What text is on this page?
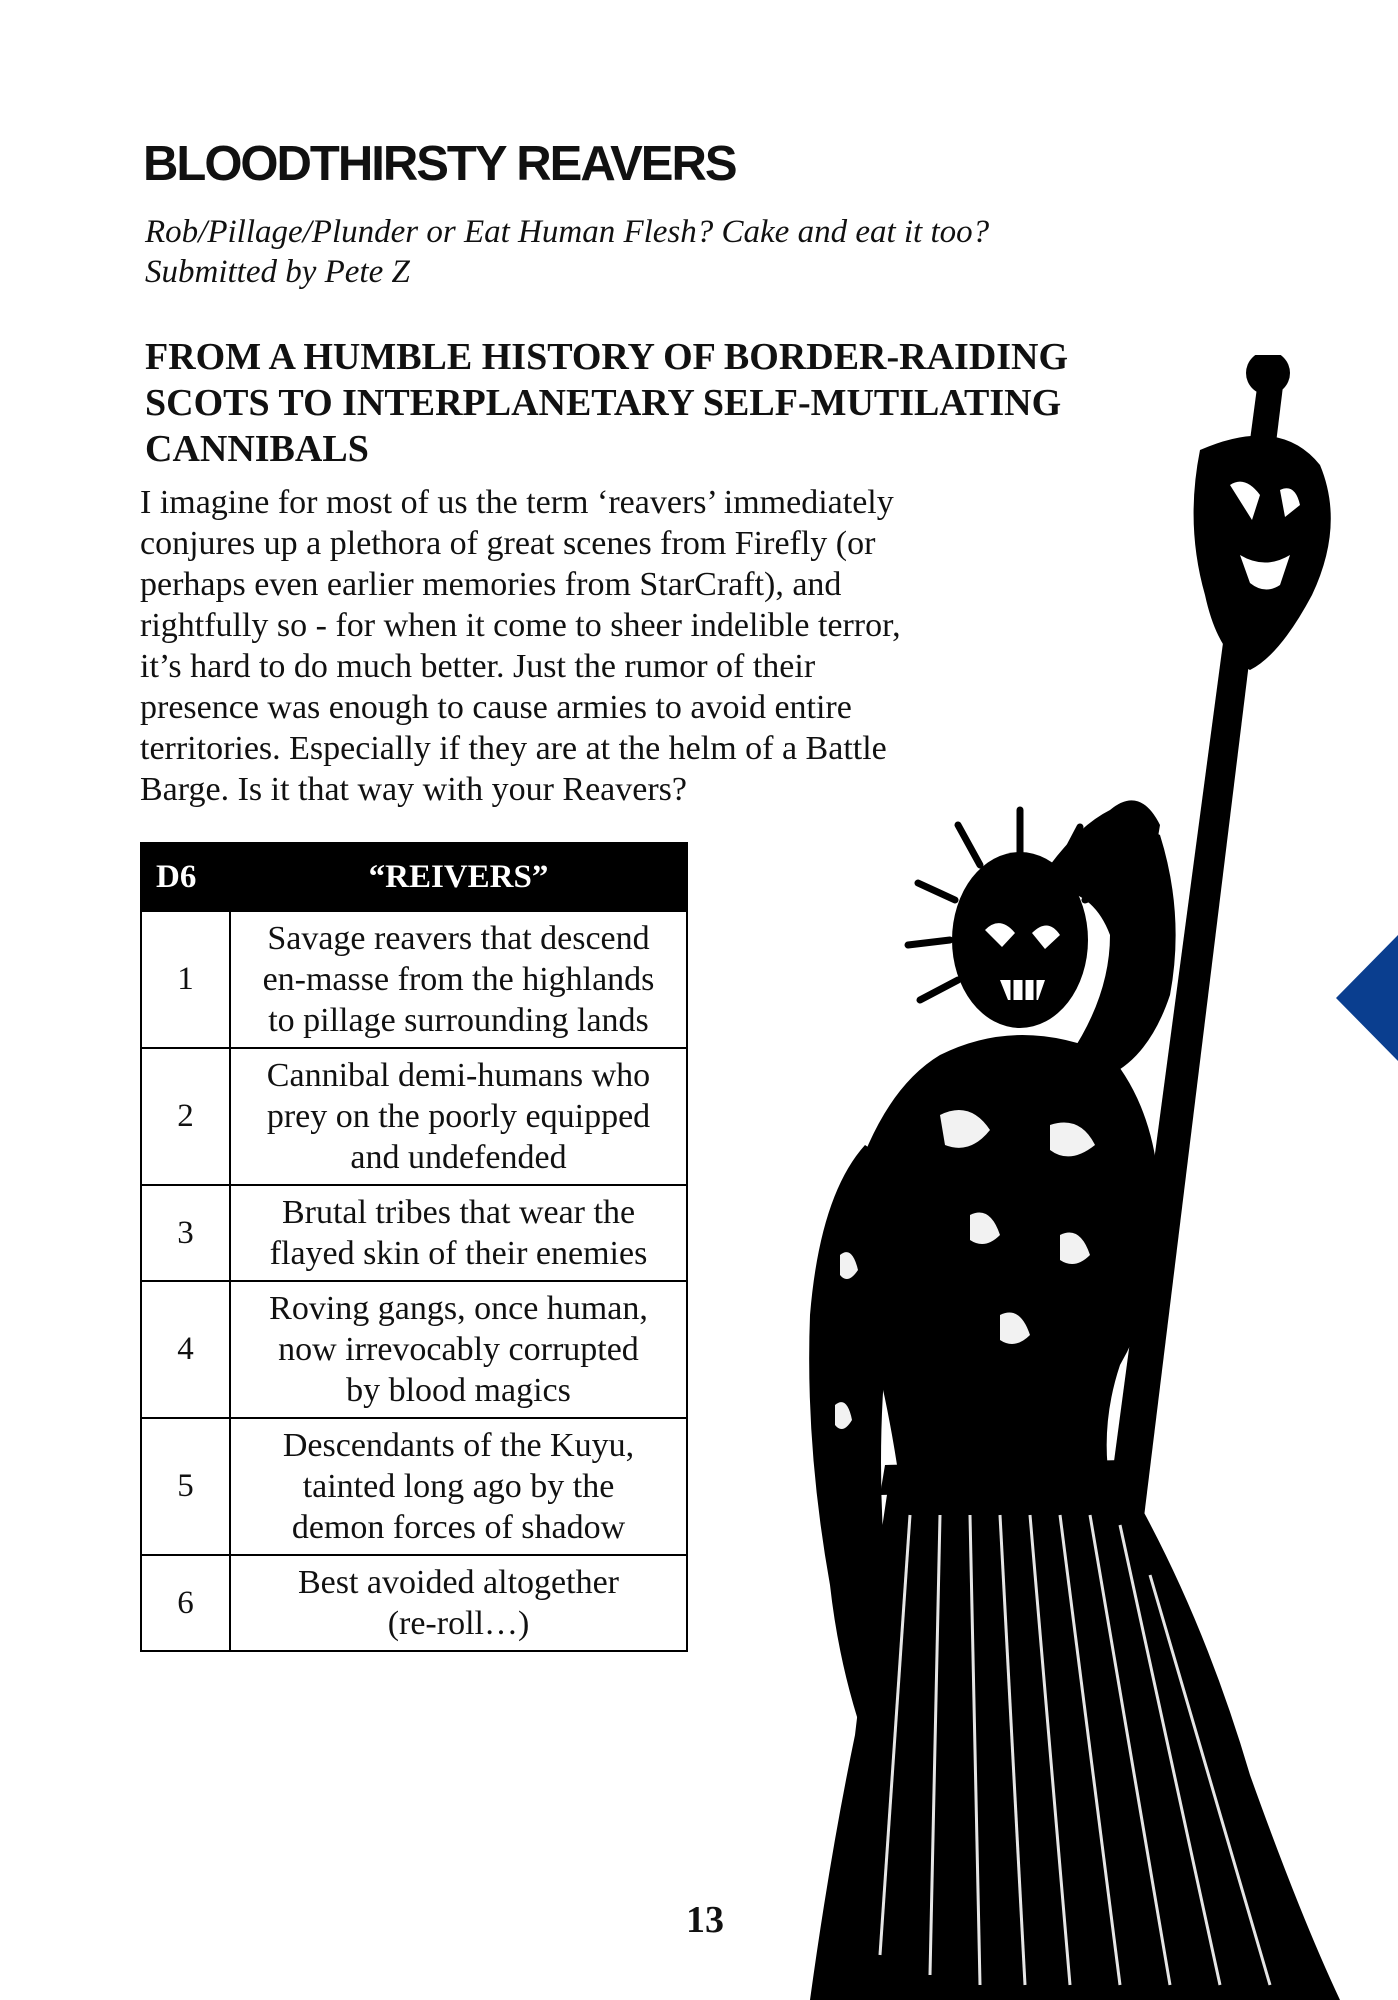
BLOODTHIRSTY REAVERS

Rob/Pillage/Plunder or Eat Human Flesh? Cake and eat it too?
Submitted by Pete Z

FROM A HUMBLE HISTORY OF BORDER-RAIDING
SCOTS TO INTERPLANETARY SELF-MUTILATING
CANNIBALS

I imagine for most of us the term ‘reavers’ immediately
conjures up a plethora of great scenes from Firefly (or
perhaps even earlier memories from StarCraft), and
rightfully so - for when it come to sheer indelible terror,
it’s hard to do much better. Just the rumor of their
presence was enough to cause armies to avoid entire
territories. Especially if they are at the helm of a Battle
Barge. Is it that way with your Reavers?

D6	“REIVERS”
1	Savage reavers that descend
en-masse from the highlands
to pillage surrounding lands

2	Cannibal demi-humans who
prey on the poorly equipped
and undefended

3	Brutal tribes that wear the
flayed skin of their enemies

4	Roving gangs, once human,
now irrevocably corrupted
by blood magics

5	Descendants of the Kuyu,
tainted long ago by the
demon forces of shadow

6	Best avoided altogether
(re-roll…)
13
